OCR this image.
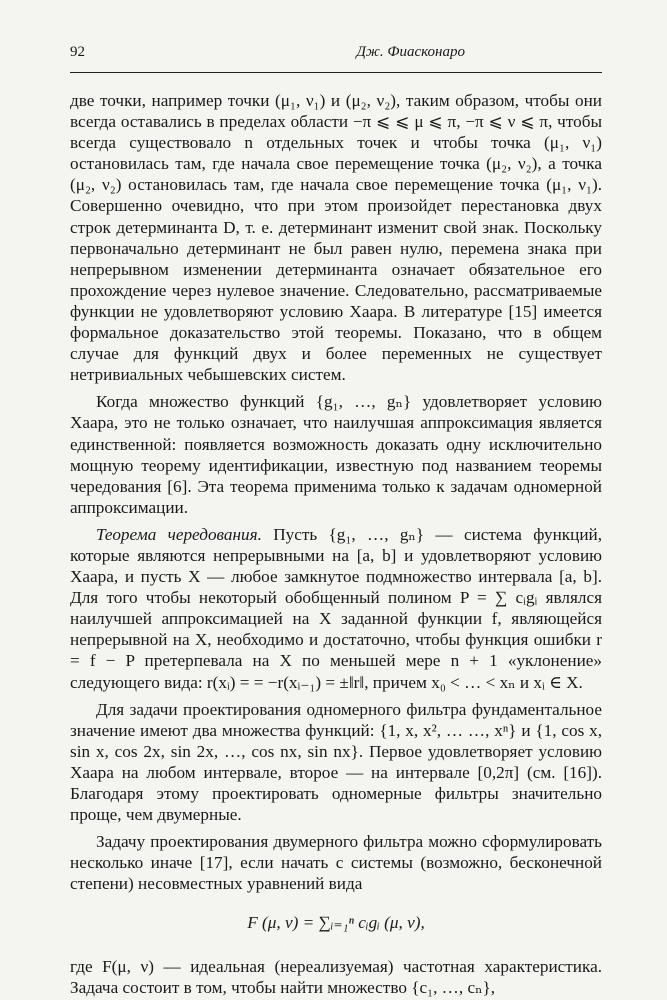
92	Дж. Фиасконаро

две точки, например точки (μ₁, ν₁) и (μ₂, ν₂), таким образом, чтобы они всегда оставались в пределах области −π ⩽ ⩽ μ ⩽ π, −π ⩽ ν ⩽ π, чтобы всегда существовало n отдельных точек и чтобы точка (μ₁, ν₁) остановилась там, где начала свое перемещение точка (μ₂, ν₂), а точка (μ₂, ν₂) остановилась там, где начала свое перемещение точка (μ₁, ν₁). Совершенно очевидно, что при этом произойдет перестановка двух строк детерминанта D, т. е. детерминант изменит свой знак. Поскольку первоначально детерминант не был равен нулю, перемена знака при непрерывном изменении детерминанта означает обязательное его прохождение через нулевое значение. Следовательно, рассматриваемые функции не удовлетворяют условию Хаара. В литературе [15] имеется формальное доказательство этой теоремы. Показано, что в общем случае для функций двух и более переменных не существует нетривиальных чебышевских систем.

Когда множество функций {g₁, …, gₙ} удовлетворяет условию Хаара, это не только означает, что наилучшая аппроксимация является единственной: появляется возможность доказать одну исключительно мощную теорему идентификации, известную под названием теоремы чередования [6]. Эта теорема применима только к задачам одномерной аппроксимации.

Теорема чередования. Пусть {g₁, …, gₙ} — система функций, которые являются непрерывными на [a, b] и удовлетворяют условию Хаара, и пусть X — любое замкнутое подмножество интервала [a, b]. Для того чтобы некоторый обобщенный полином P = ∑ cᵢgᵢ являлся наилучшей аппроксимацией на X заданной функции f, являющейся непрерывной на X, необходимо и достаточно, чтобы функция ошибки r = f − P претерпевала на X по меньшей мере n + 1 «уклонение» следующего вида: r(xᵢ) = = −r(xᵢ₋₁) = ±‖r‖, причем x₀ < … < xₙ и xᵢ ∈ X.

Для задачи проектирования одномерного фильтра фундаментальное значение имеют два множества функций: {1, x, x², … …, xⁿ} и {1, cos x, sin x, cos 2x, sin 2x, …, cos nx, sin nx}. Первое удовлетворяет условию Хаара на любом интервале, второе — на интервале [0,2π] (см. [16]). Благодаря этому проектировать одномерные фильтры значительно проще, чем двумерные.

Задачу проектирования двумерного фильтра можно сформулировать несколько иначе [17], если начать с системы (возможно, бесконечной степени) несовместных уравнений вида

F (μ, ν) = ∑ᵢ₌₁ⁿ cᵢgᵢ (μ, ν),

где F(μ, ν) — идеальная (нереализуемая) частотная характеристика. Задача состоит в том, чтобы найти множество {c₁, …, cₙ},
